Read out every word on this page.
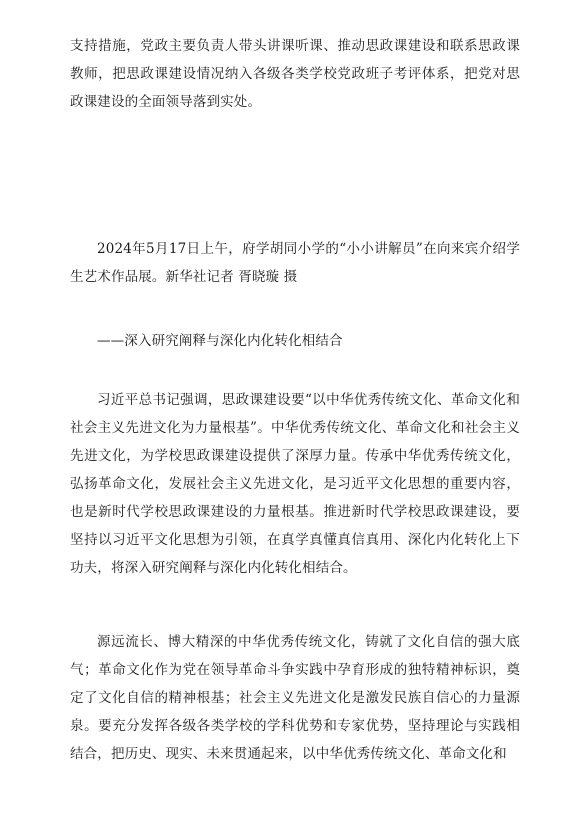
支持措施，党政主要负责人带头讲课听课、推动思政课建设和联系思政课教师，把思政课建设情况纳入各级各类学校党政班子考评体系，把党对思政课建设的全面领导落到实处。

2024年5月17日上午，府学胡同小学的“小小讲解员”在向来宾介绍学生艺术作品展。新华社记者 胥晓璇 摄

——深入研究阐释与深化内化转化相结合

习近平总书记强调，思政课建设要“以中华优秀传统文化、革命文化和社会主义先进文化为力量根基”。中华优秀传统文化、革命文化和社会主义先进文化，为学校思政课建设提供了深厚力量。传承中华优秀传统文化，弘扬革命文化，发展社会主义先进文化，是习近平文化思想的重要内容，也是新时代学校思政课建设的力量根基。推进新时代学校思政课建设，要坚持以习近平文化思想为引领，在真学真懂真信真用、深化内化转化上下功夫，将深入研究阐释与深化内化转化相结合。

源远流长、博大精深的中华优秀传统文化，铸就了文化自信的强大底气；革命文化作为党在领导革命斗争实践中孕育形成的独特精神标识，奠定了文化自信的精神根基；社会主义先进文化是激发民族自信心的力量源泉。要充分发挥各级各类学校的学科优势和专家优势，坚持理论与实践相结合，把历史、现实、未来贯通起来，以中华优秀传统文化、革命文化和
